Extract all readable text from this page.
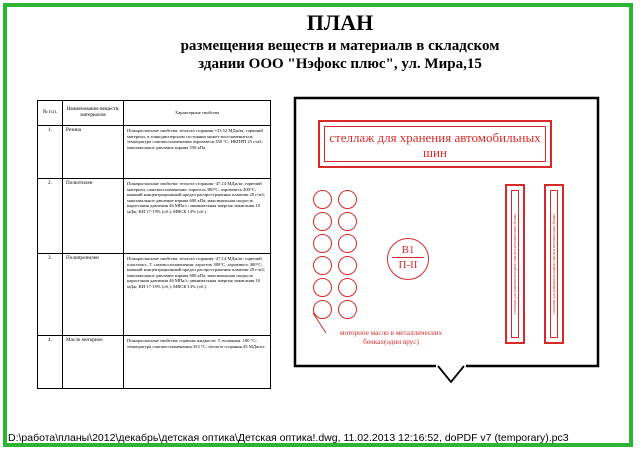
ПЛАН
размещения веществ и материалв в складском
здании ООО "Нэфокс плюс", ул. Мира,15
№ п.п.	Наименование веществ, материалов	Характерные свойства
1.	Резина	Пожароопасные свойства: теплота сгорания =33,52 МДж/кг, горючий материал, в тонкодисперсном состоянии может воспламениться; температура самовоспламенения аэровзвеси 350 °С; НКПРП 25 г/м3; максимальное давление взрыва 550 кПа.
2.	Полиэтилен	Пожароопасные свойства: теплота сгорания -47,14 МДж/кг, горючий материал, самовоспламенение; аэрогель 380°С, аэровзвесь 400°С; нижний концентрационный предел распространения пламени 20 г/м3; максимальное давление взрыва 600 кПа; максимальная скорость нарастания давления 46 МПа/с; минимальная энергия зажигания 10 мДж; КИ 17-19% (об.); МВСК 13% (об.).
3.	Полипропилен	Пожароопасные свойства: теплота сгорания -47,14 МДж/кг, горючий пластмасс, Т. самовоспламенения: аэрогель 380°С, аэровзвесь 400°С; нижний концентрационный предел распространения пламени 20 г/м3; максимальное давление взрыва 600 кПа; максимальная скорость нарастания давления 46 МПа/с; минимальная энергия зажигания 10 мДж; КИ 17-19% (об.); МВСК 13% (об.).
4.	Масло моторное	Пожароопасные свойства: горючая жидкость; Т. вспышки. 180 °С; температура самовоспламенения 353 °С; теплота сгорания 45 МДж/кг.
стеллаж для хранения автомобильных шин
стеллажи для хранения моторного масла в металлических бочках	стеллажи для хранения моторного масла в металлических бочках
В1
П-II
моторное масло в металлических бочках(один ярус)
D:\работа\планы\2012\декабрь\детская оптика\Детская оптика!.dwg, 11.02.2013 12:16:52, doPDF v7 (temporary).pc3
